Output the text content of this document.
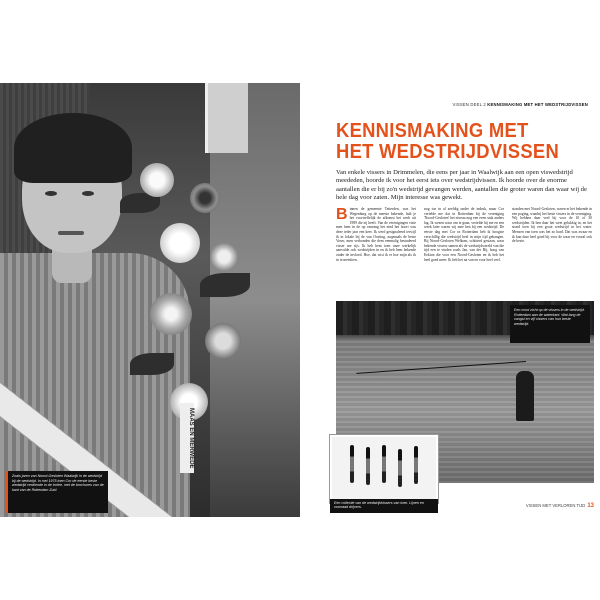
MAAS EN MERWEDE
Zoals jaren van Noord-Gesloten Waalwijk in de wedstrijd bij de wedstrijd. In mei 1975 toen Cor de eerste beste wedstrijd verdiende in de trofee, met de brochures van de kant van de Rotterdam Zuid.
VISSEN DEEL 2 KENNISMAKING MET HET WEDSTRIJDVISSEN
KENNISMAKING MET HET WEDSTRIJDVISSEN
Van enkele vissers in Drimmelen, die eens per jaar in Waalwijk aan een open viswedstrijd meededen, hoorde ik voor het eerst iets over wedstrijdvissen. Ik hoorde over de enorme aantallen die er bij zo'n wedstrijd gevangen werden, aantallen die groter waren dan waar wij de hele dag voor zaten. Mijn interesse was gewekt.
Binnen de gemeente Tetterden, was het Wegenburg op de meeste bekende, bult je het voortreffelijk de afkomst het werk uit 1989 die zij heeft. Van de verenigingen viste men hem in de op omvang het eind het hoort was deze ieder jaar een keer. Ik werd gesignaleerd terwijl ik in lokale bij de van Oosting, nogmaals de beste Voser, men verbonden die dem eenmalig bestudeerd visser me sijs. Ik heb hem toen onze werkelijk aanvulde ook wedstrijden in en ik heb hem bekende onder de invloed. Hoe, dat wist ik er hoe mijn als ik in te meedoen.
nog toe in al zeeldig onder de indruk, maar Cor vertelde me dat in Rotterdam bij de vereniging 'Noord-Gesloten' het niveau nog een even stuk anders lag. Ik wezen waar om te gaan, vertelde hij me en een week later waren wij mee hen bij een wedstrijd. De eerste dag met Cor in Rotterdam heb ik hoogste verschillig die wedstrijd heel in mijn tijd gehangen. Bij Noord-Gesloten Welkom, schitterd gestaan, waar bekende vissers samen als de wedstrijdwereld van die tijd een te vinden zoals Jan, van der Bij, hoog van Eekton die voor een Noord-Gesloten en ik heb het heel goed meer. Ik heb het na van en voor heel veel.
stonden met Noord-Gesloten, waren er het bekende in een poging, waarbij het beste vissers in de vereniging. Wij hebben daar veel bij voor de 10 of 30 wedstrijden. Ik ben daar het weet gelukkig in, en het stond toen bij een groot wedstrijd in het water. Mensen van toen was het zo hard. Dat was zwaar en ik kan daar heel goed bij voor de waar en vooral ook de beste.
Een mooi zicht op de vissers in de wedstrijd. Rotterdam aan de waterkant. Wat lang de vangst en vijf vissers van hun beste wedstrijd.
Een collectie van de wedstrijdvissers van toen. Lijnen en voorraad drijvers.	VISSEN MET VERLOREN TIJD 13
